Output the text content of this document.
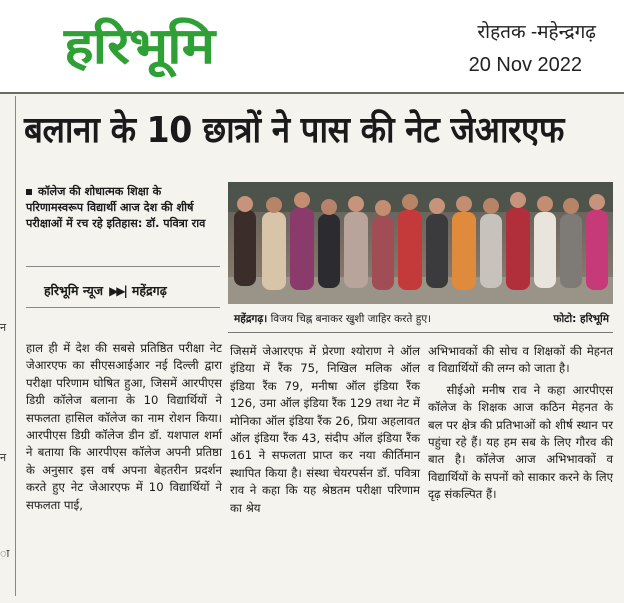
हरिभूमि	रोहतक -महेन्द्रगढ़
20 Nov 2022
न
न
ा
बलाना के 10 छात्रों ने पास की नेट जेआरएफ
कॉलेज की शोधात्मक शिक्षा के परिणामस्वरूप विद्यार्थी आज देश की शीर्ष परीक्षाओं में रच रहे इतिहास: डॉ. पवित्रा राव
हरिभूमि न्यूज ▶▶| महेंद्रगढ़
महेंद्रगढ़। विजय चिह्न बनाकर खुशी जाहिर करते हुए।	फोटो: हरिभूमि

हाल ही में देश की सबसे प्रतिष्ठित परीक्षा नेट जेआरएफ का सीएसआईआर नई दिल्ली द्वारा परीक्षा परिणाम घोषित हुआ, जिसमें आरपीएस डिग्री कॉलेज बलाना के 10 विद्यार्थियों ने सफलता हासिल कॉलेज का नाम रोशन किया। आरपीएस डिग्री कॉलेज डीन डॉ. यशपाल शर्मा ने बताया कि आरपीएस कॉलेज अपनी प्रतिष्ठा के अनुसार इस वर्ष अपना बेहतरीन प्रदर्शन करते हुए नेट जेआरएफ में 10 विद्यार्थियों ने सफलता पाई,

जिसमें जेआरएफ में प्रेरणा श्योराण ने ऑल इंडिया में रैंक 75, निखिल मलिक ऑल इंडिया रैंक 79, मनीषा ऑल इंडिया रैंक 126, उमा ऑल इंडिया रैंक 129 तथा नेट में मोनिका ऑल इंडिया रैंक 26, प्रिया अहलावत ऑल इंडिया रैंक 43, संदीप ऑल इंडिया रैंक 161 ने सफलता प्राप्त कर नया कीर्तिमान स्थापित किया है। संस्था चेयरपर्सन डॉ. पवित्रा राव ने कहा कि यह श्रेष्ठतम परीक्षा परिणाम का श्रेय

अभिभावकों की सोच व शिक्षकों की मेहनत व विद्यार्थियों की लग्न को जाता है।

सीईओ मनीष राव ने कहा आरपीएस कॉलेज के शिक्षक आज कठिन मेहनत के बल पर क्षेत्र की प्रतिभाओं को शीर्ष स्थान पर पहुंचा रहे हैं। यह हम सब के लिए गौरव की बात है। कॉलेज आज अभिभावकों व विद्यार्थियों के सपनों को साकार करने के लिए दृढ़ संकल्पित हैं।
